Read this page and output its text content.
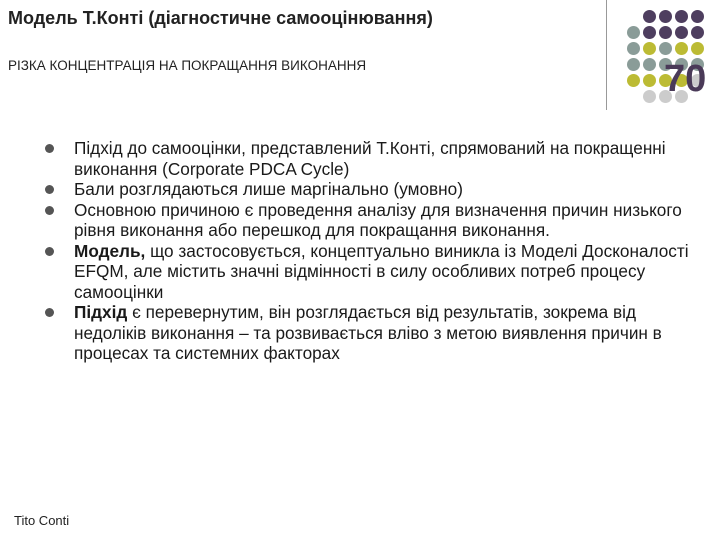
Модель Т.Конті (діагностичне самооцінювання)
РІЗКА КОНЦЕНТРАЦІЯ НА ПОКРАЩАННЯ ВИКОНАННЯ	70
Підхід до самооцінки, представлений Т.Конті, спрямований на покращенні виконання (Corporate PDCA Cycle)
Бали розглядаються лише маргінально (умовно)
Основною причиною є проведення аналізу для визначення причин низького рівня виконання або перешкод для покращання виконання.
Модель, що застосовується, концептуально виникла із Моделі Досконалості EFQM, але містить значні відмінності в силу особливих потреб процесу самооцінки
Підхід є перевернутим, він розглядається від результатів, зокрема від недоліків виконання – та розвивається вліво з метою виявлення причин в процесах та системних факторах
Tito Conti
